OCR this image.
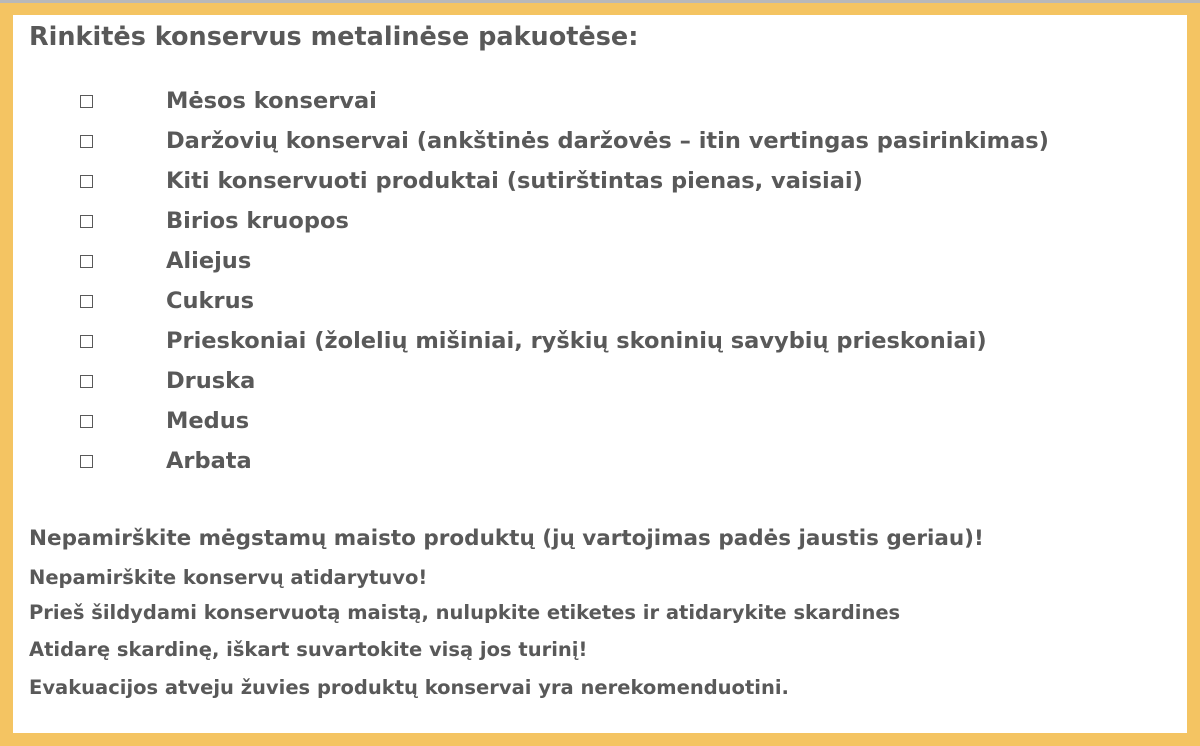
Rinkitės konservus metalinėse pakuotėse:
Mėsos konservai
Daržovių konservai (ankštinės daržovės – itin vertingas pasirinkimas)
Kiti konservuoti produktai (sutirštintas pienas, vaisiai)
Birios kruopos
Aliejus
Cukrus
Prieskoniai (žolelių mišiniai, ryškių skoninių savybių prieskoniai)
Druska
Medus
Arbata
Nepamirškite mėgstamų maisto produktų (jų vartojimas padės jaustis geriau)!
Nepamirškite konservų atidarytuvo!
Prieš šildydami konservuotą maistą, nulupkite etiketes ir atidarykite skardines
Atidarę skardinę, iškart suvartokite visą jos turinį!
Evakuacijos atveju žuvies produktų konservai yra nerekomenduotini.
